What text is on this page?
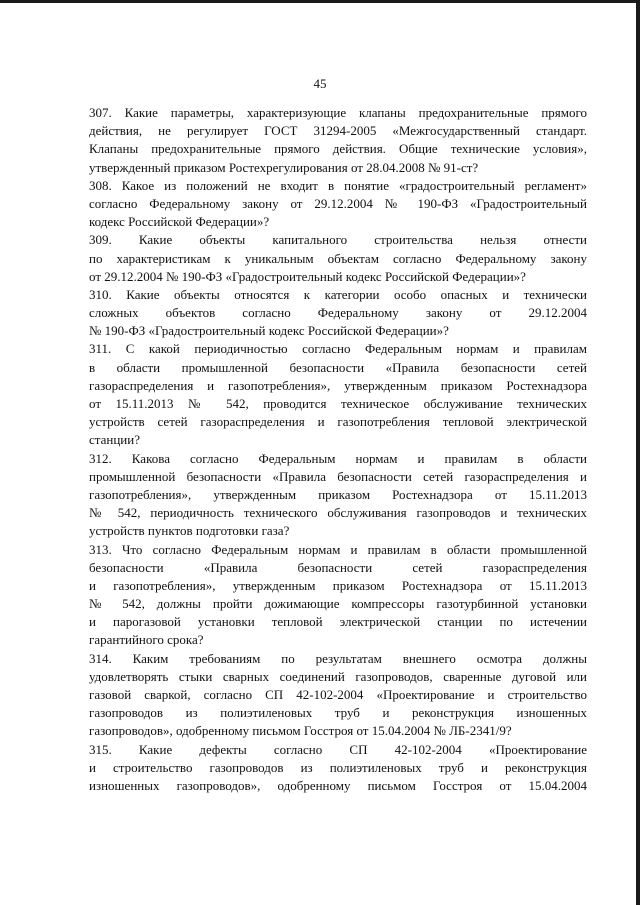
45
307. Какие параметры, характеризующие клапаны предохранительные прямого
действия, не регулирует ГОСТ 31294-2005 «Межгосударственный стандарт.
Клапаны предохранительные прямого действия. Общие технические условия»,
утвержденный приказом Ростехрегулирования от 28.04.2008 № 91-ст?
308. Какое из положений не входит в понятие «градостроительный регламент»
согласно Федеральному закону от 29.12.2004 № 190-ФЗ «Градостроительный
кодекс Российской Федерации»?
309. Какие объекты капитального строительства нельзя отнести
по характеристикам к уникальным объектам согласно Федеральному закону
от 29.12.2004 № 190-ФЗ «Градостроительный кодекс Российской Федерации»?
310. Какие объекты относятся к категории особо опасных и технически
сложных объектов согласно Федеральному закону от 29.12.2004
№ 190-ФЗ «Градостроительный кодекс Российской Федерации»?
311. С какой периодичностью согласно Федеральным нормам и правилам
в области промышленной безопасности «Правила безопасности сетей
газораспределения и газопотребления», утвержденным приказом Ростехнадзора
от 15.11.2013 № 542, проводится техническое обслуживание технических
устройств сетей газораспределения и газопотребления тепловой электрической
станции?
312. Какова согласно Федеральным нормам и правилам в области
промышленной безопасности «Правила безопасности сетей газораспределения и
газопотребления», утвержденным приказом Ростехнадзора от 15.11.2013
№ 542, периодичность технического обслуживания газопроводов и технических
устройств пунктов подготовки газа?
313. Что согласно Федеральным нормам и правилам в области промышленной
безопасности «Правила безопасности сетей газораспределения
и газопотребления», утвержденным приказом Ростехнадзора от 15.11.2013
№ 542, должны пройти дожимающие компрессоры газотурбинной установки
и парогазовой установки тепловой электрической станции по истечении
гарантийного срока?
314. Каким требованиям по результатам внешнего осмотра должны
удовлетворять стыки сварных соединений газопроводов, сваренные дуговой или
газовой сваркой, согласно СП 42-102-2004 «Проектирование и строительство
газопроводов из полиэтиленовых труб и реконструкция изношенных
газопроводов», одобренному письмом Госстроя от 15.04.2004 № ЛБ-2341/9?
315. Какие дефекты согласно СП 42-102-2004 «Проектирование
и строительство газопроводов из полиэтиленовых труб и реконструкция
изношенных газопроводов», одобренному письмом Госстроя от 15.04.2004
